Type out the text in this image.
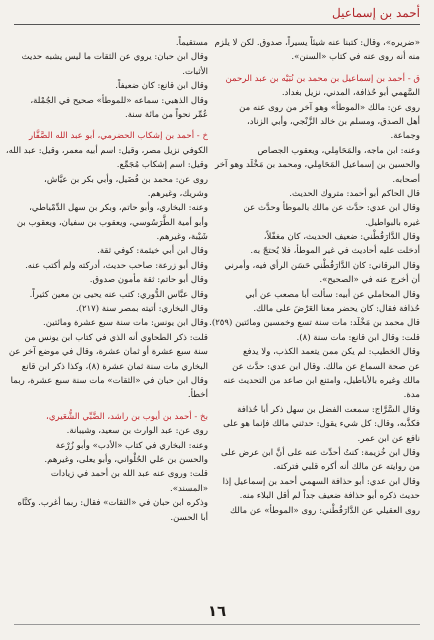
أحمد بن إسماعيل
«ضريره»، وقال: كتبنا عنه شيئاً يسيراً، صدوق. لكن لا يلزم
منه أنه روى عنه في كتاب «السنن».
ق - أحمد بن إسماعيل بن محمد بن نُبَيْه بن عبد الرحمن
السَّهمي أبو حُذافة، المدني، نزيل بغداد.
روى عن: مالك «الموطأ» وهو آخر من روى عنه من
أهل الصدق، ومسلم بن خالد الزَّنْجي، وأبي الزناد،
وجماعة.
وعنه: ابن ماجه، والمَحَامِلي، ويعقوب الجصاص
والحسين بن إسماعيل المَحَامِلي، ومحمد بن مَخْلَد وهو آخر
أصحابه.
قال الحاكم أبو أحمد: متروك الحديث.
وقال ابن عدي: حدَّث عن مالك بالموطأ وحدَّث عن
غيره بالبواطيل.
وقال الدَّارَقُطْني: ضعيف الحديث، كان مغفّلاً،
أدخلت عليه أحاديث في غير الموطأ، فلا يُحتجّ به.
وقال البرقاني: كان الدَّارَقُطْني حَسَن الرأي فيه، وأمرني
أن أخرج عنه في «الصحيح».
وقال المحاملي عن أبيه: سألت أبا مصعب عن أبي
حُذافة فقال: كان يحضر معنا العَرْضَ على مالك.
قال محمد بن مَخْلَد: مات سنة تسع وخمسين ومائتين (٢٥٩).
قلت: وقال ابن قانع: مات سنة (٨).
وقال الخطيب: لم يكن ممن يتعمد الكذب، ولا يدفع
عن صحة السماع عن مالك. وقال ابن عدي: حدَّث عن
مالك وغيره بالأباطيل، وامتنع ابن صاعد من التحديث عنه
مدة.
وقال السَّرَّاج: سمعت الفضل بن سهل ذكر أبا حُذافة
فكذَّبه، وقال: كل شيء يقول: حدثني مالك فإنما هو على
نافع عن ابن عمر.
وقال ابن خُزيمة: كنتُ أحدِّث عنه على أنَّ ابن عرض على
من روايته عن مالك أنه أكره قلبي فتركته.
وقال ابن عدي: أبو حذافة السهمي أحمد بن إسماعيل إذا
حديث ذكره أبو حذافة ضعيف جداً لم أقل البلاء منه.
روى العقيلي عن الدَّارَقُطْني: روى «الموطأ» عن مالك
مستقيماً.
وقال ابن حبان: يروي عن الثقات ما ليس يشبه حديث
الأثبات.
وقال ابن قانع: كان ضعيفاً.
وقال الذهبي: سماعه «للموطأ» صحيح في الجُمْلة،
عُمِّر نحواً من مائة سنة.
خ - أحمد بن إشكاب الحضرمي، أبو عبد الله الصَّفَّار
الكوفي نزيل مصر، وقيل: اسم أبيه معمر، وقيل: عبد الله،
وقيل: اسم إشكاب مُجَمِّع.
روى عن: محمد بن فُضَيل، وأبي بكر بن عيَّاش،
وشريك، وغيرهم.
وعنه: البخاري، وأبو حاتم، وبكر بن سهل الدِّمْياطي،
وأبو أمية الطَّرَسُوسي، ويعقوب بن سفيان، ويعقوب بن
شَيْبة، وغيرهم.
وقال ابن أبي خيثمة: كوفي ثقة.
وقال أبو زرعة: صاحب حديث، أدركته ولم أكتب عنه.
وقال أبو حاتم: ثقة مأمون صدوق.
وقال عبَّاس الدُّوري: كتب عنه يحيى بن معين كثيراً.
وقال البخاري: أتيته بمصر سنة (٢١٧).
وقال ابن يونس: مات سنة سبع عشرة ومائتين.
قلت: ذكر الطحاوي أنه الذي في كتاب ابن يونس من
سنة سبع عشرة أو ثمان عشرة، وقال في موضع آخر عن
البخاري مات سنة ثمان عشرة (٨)، وكذا ذكر ابن قانع
وقال ابن حبان في «الثقات» مات سنة سبع عشرة، ربما
أخطأ.
بخ - أحمد بن أيوب بن راشد، الضَّبِّي الشُّعَيري،
روى عن: عبد الوارث بن سعيد، وشيبانة.
وعنه: البخاري في كتاب «الأدب» وأبو زُرْعة
والحسن بن علي الحُلْواني، وأبو يعلى، وغيرهم.
قلت: وروى عنه عبد الله بن أحمد في زيادات
«المسند».
وذكره ابن حبان في «الثقات» فقال: ربما أغرب. وكنَّاه
أبا الحسن.
١٦
